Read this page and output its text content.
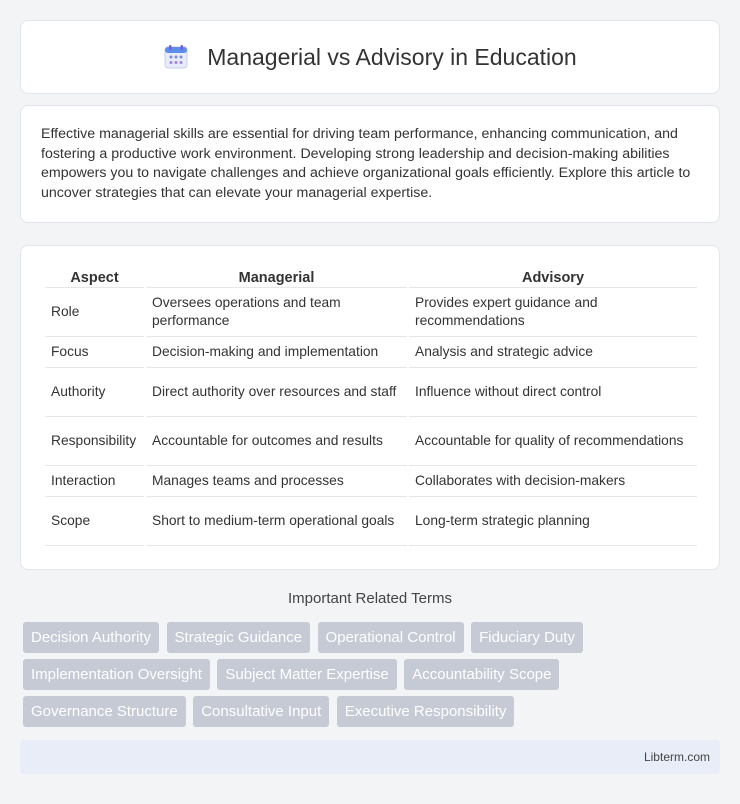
Managerial vs Advisory in Education

Effective managerial skills are essential for driving team performance, enhancing communication, and fostering a productive work environment. Developing strong leadership and decision-making abilities empowers you to navigate challenges and achieve organizational goals efficiently. Explore this article to uncover strategies that can elevate your managerial expertise.

Aspect	Managerial	Advisory
Role	Oversees operations and team performance	Provides expert guidance and recommendations
Focus	Decision-making and implementation	Analysis and strategic advice
Authority	Direct authority over resources and staff	Influence without direct control
Responsibility	Accountable for outcomes and results	Accountable for quality of recommendations
Interaction	Manages teams and processes	Collaborates with decision-makers
Scope	Short to medium-term operational goals	Long-term strategic planning
Important Related Terms
Decision Authority Strategic Guidance Operational Control Fiduciary Duty
Implementation Oversight Subject Matter Expertise Accountability Scope
Governance Structure Consultative Input Executive Responsibility
Libterm.com
